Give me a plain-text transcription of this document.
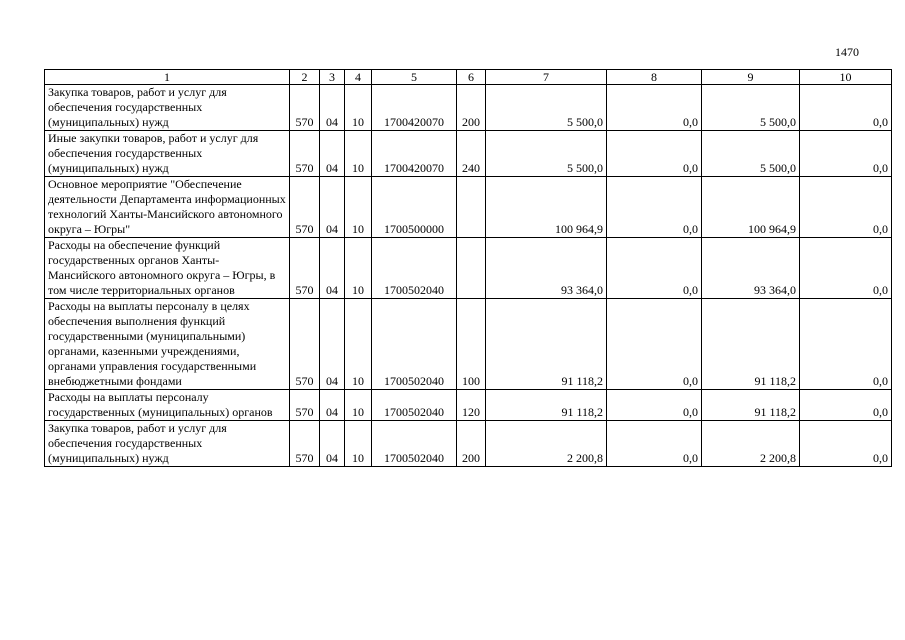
1470
1	2	3	4	5	6	7	8	9	10
Закупка товаров, работ и услуг для обеспечения государственных (муниципальных) нужд	570	04	10	1700420070	200	5 500,0	0,0	5 500,0	0,0
Иные закупки товаров, работ и услуг для обеспечения государственных (муниципальных) нужд	570	04	10	1700420070	240	5 500,0	0,0	5 500,0	0,0
Основное мероприятие "Обеспечение деятельности Департамента информационных технологий Ханты-Мансийского автономного округа – Югры"	570	04	10	1700500000		100 964,9	0,0	100 964,9	0,0
Расходы на обеспечение функций государственных органов Ханты-Мансийского автономного округа – Югры, в том числе территориальных органов	570	04	10	1700502040		93 364,0	0,0	93 364,0	0,0
Расходы на выплаты персоналу в целях обеспечения выполнения функций государственными (муниципальными) органами, казенными учреждениями, органами управления государственными внебюджетными фондами	570	04	10	1700502040	100	91 118,2	0,0	91 118,2	0,0
Расходы на выплаты персоналу государственных (муниципальных) органов	570	04	10	1700502040	120	91 118,2	0,0	91 118,2	0,0
Закупка товаров, работ и услуг для обеспечения государственных (муниципальных) нужд	570	04	10	1700502040	200	2 200,8	0,0	2 200,8	0,0
